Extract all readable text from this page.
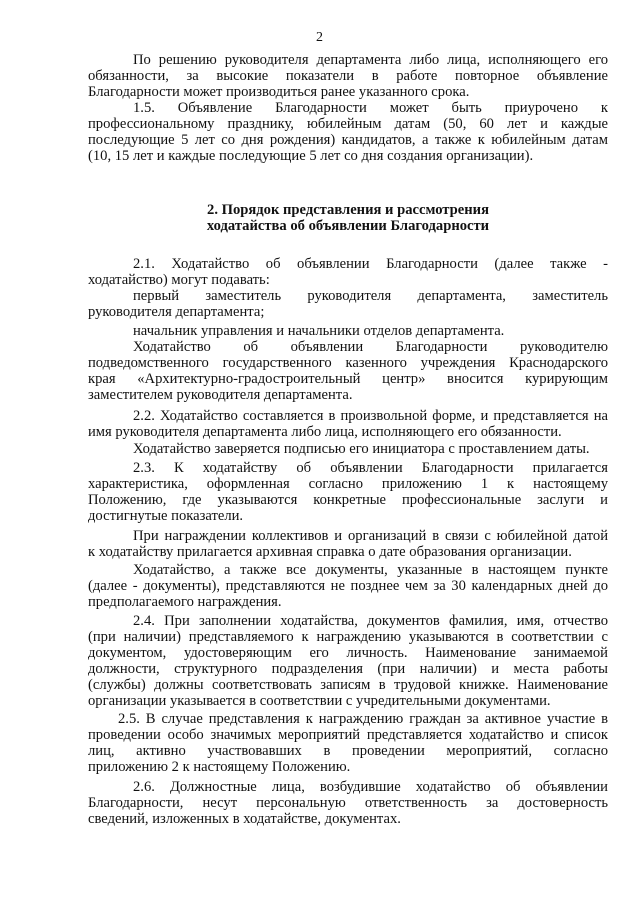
2
По решению руководителя департамента либо лица, исполняющего его
обязанности, за высокие показатели в работе повторное объявление
Благодарности может производиться ранее указанного срока.
1.5. Объявление Благодарности может быть приурочено к
профессиональному празднику, юбилейным датам (50, 60 лет и каждые
последующие 5 лет со дня рождения) кандидатов, а также к юбилейным датам
(10, 15 лет и каждые последующие 5 лет со дня создания организации).
2. Порядок представления и рассмотрения
ходатайства об объявлении Благодарности
2.1. Ходатайство об объявлении Благодарности (далее также -
ходатайство) могут подавать:
первый заместитель руководителя департамента, заместитель
руководителя департамента;
начальник управления и начальники отделов департамента.
Ходатайство об объявлении Благодарности руководителю
подведомственного государственного казенного учреждения Краснодарского
края «Архитектурно-градостроительный центр» вносится курирующим
заместителем руководителя департамента.
2.2. Ходатайство составляется в произвольной форме, и представляется на
имя руководителя департамента либо лица, исполняющего его обязанности.
Ходатайство заверяется подписью его инициатора с проставлением даты.
2.3. К ходатайству об объявлении Благодарности прилагается
характеристика, оформленная согласно приложению 1 к настоящему
Положению, где указываются конкретные профессиональные заслуги и
достигнутые показатели.
При награждении коллективов и организаций в связи с юбилейной датой
к ходатайству прилагается архивная справка о дате образования организации.
Ходатайство, а также все документы, указанные в настоящем пункте
(далее - документы), представляются не позднее чем за 30 календарных дней до
предполагаемого награждения.
2.4. При заполнении ходатайства, документов фамилия, имя, отчество
(при наличии) представляемого к награждению указываются в соответствии с
документом, удостоверяющим его личность. Наименование занимаемой
должности, структурного подразделения (при наличии) и места работы
(службы) должны соответствовать записям в трудовой книжке. Наименование
организации указывается в соответствии с учредительными документами.
2.5. В случае представления к награждению граждан за активное участие в
проведении особо значимых мероприятий представляется ходатайство и список
лиц, активно участвовавших в проведении мероприятий, согласно
приложению 2 к настоящему Положению.
2.6. Должностные лица, возбудившие ходатайство об объявлении
Благодарности, несут персональную ответственность за достоверность
сведений, изложенных в ходатайстве, документах.
